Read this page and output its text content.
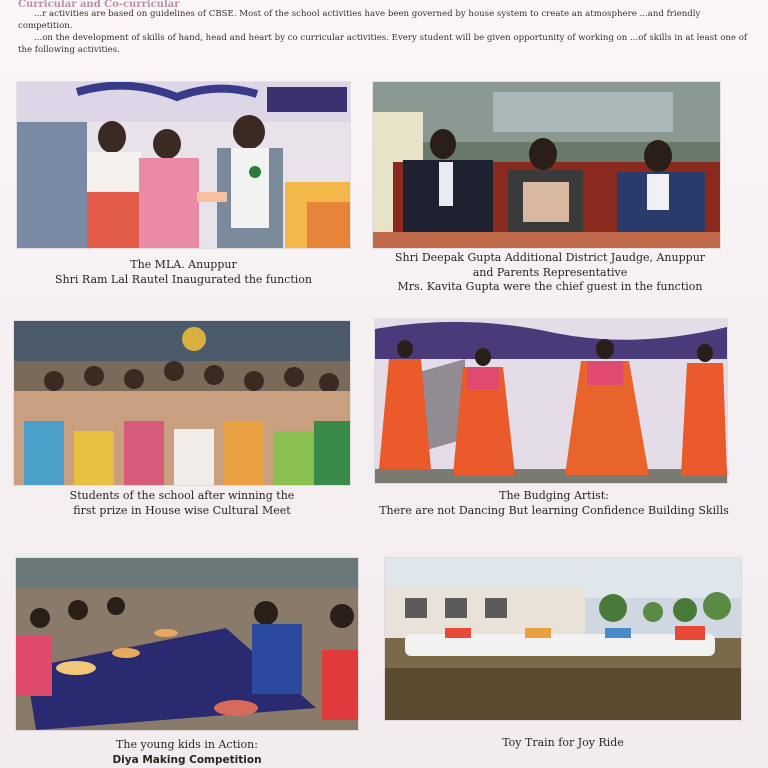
Curricular and Co-curricular

...r activities are based on guidelines of CBSE. Most of the school activities have been governed by house system to create an atmosphere ...and friendly competition.

...on the development of skills of hand, head and heart by co curricular activities. Every student will be given opportunity of working on ...of skills in at least one of the following activities.

The MLA. Anuppur
Shri Ram Lal Rautel Inaugurated the function
Shri Deepak Gupta Additional District Jaudge, Anuppur
and Parents Representative
Mrs. Kavita Gupta were the chief guest in the function
Students of the school after winning the
first prize in House wise Cultural Meet
The Budging Artist:
There are not Dancing But learning Confidence Building Skills
The young kids in Action:
Diya Making Competition
Toy Train for Joy Ride
